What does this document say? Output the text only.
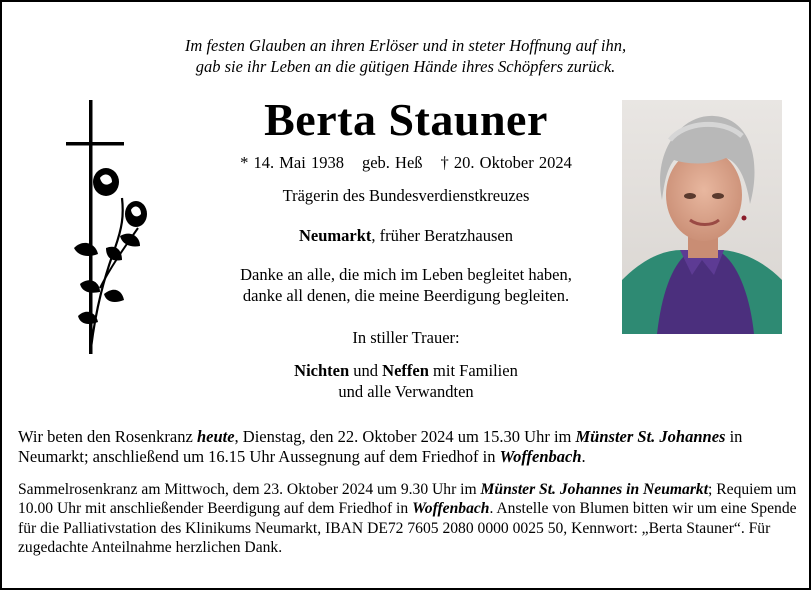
Im festen Glauben an ihren Erlöser und in steter Hoffnung auf ihn,
gab sie ihr Leben an die gütigen Hände ihres Schöpfers zurück.
Berta Stauner
* 14. Mai 1938 geb. Heß † 20. Oktober 2024
Trägerin des Bundesverdienstkreuzes
Neumarkt, früher Beratzhausen
Danke an alle, die mich im Leben begleitet haben,
danke all denen, die meine Beerdigung begleiten.
In stiller Trauer:
Nichten und Neffen mit Familien
und alle Verwandten
Wir beten den Rosenkranz heute, Dienstag, den 22. Oktober 2024 um 15.30 Uhr im Münster St. Johannes in Neumarkt; anschließend um 16.15 Uhr Aussegnung auf dem Friedhof in Woffenbach.
Sammelrosenkranz am Mittwoch, dem 23. Oktober 2024 um 9.30 Uhr im Münster St. Johannes in Neumarkt; Requiem um 10.00 Uhr mit anschließender Beerdigung auf dem Friedhof in Woffenbach. Anstelle von Blumen bitten wir um eine Spende für die Palliativstation des Klinikums Neumarkt, IBAN DE72 7605 2080 0000 0025 50, Kennwort: „Berta Stauner“. Für zugedachte Anteilnahme herzlichen Dank.
